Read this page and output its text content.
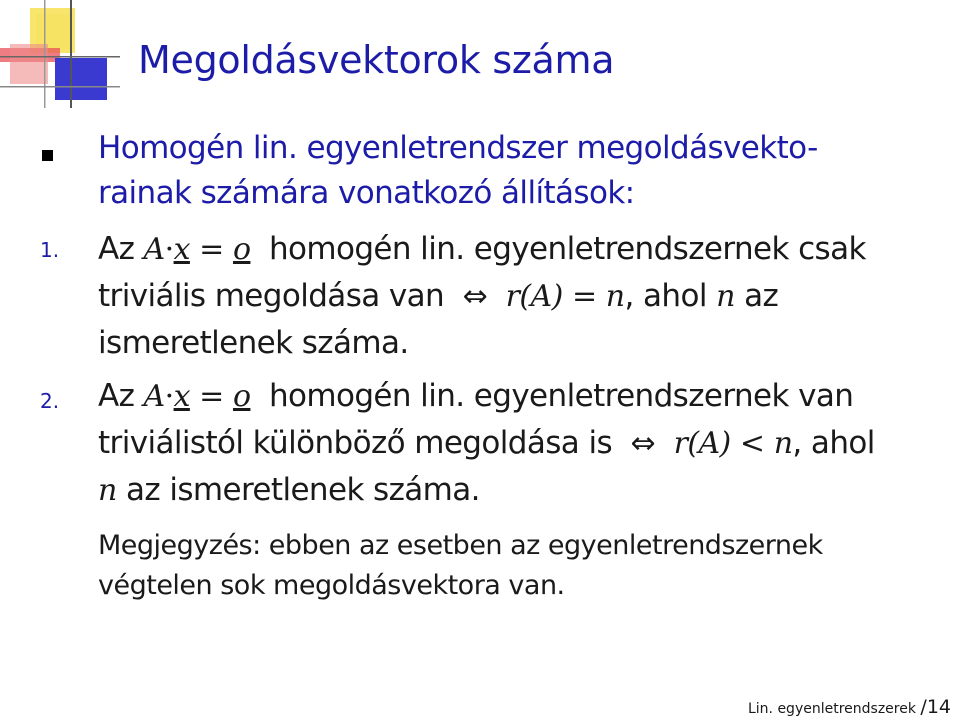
Megoldásvektorok száma
Homogén lin. egyenletrendszer megoldásvekto-
rainak számára vonatkozó állítások:
1. Az A·x = o homogén lin. egyenletrendszernek csak
triviális megoldása van ⇔ r(A) = n, ahol n az
ismeretlenek száma.
2. Az A·x = o homogén lin. egyenletrendszernek van
triviálistól különböző megoldása is ⇔ r(A) < n, ahol
n az ismeretlenek száma.
Megjegyzés: ebben az esetben az egyenletrendszernek
végtelen sok megoldásvektora van.
Lin. egyenletrendszerek /14
